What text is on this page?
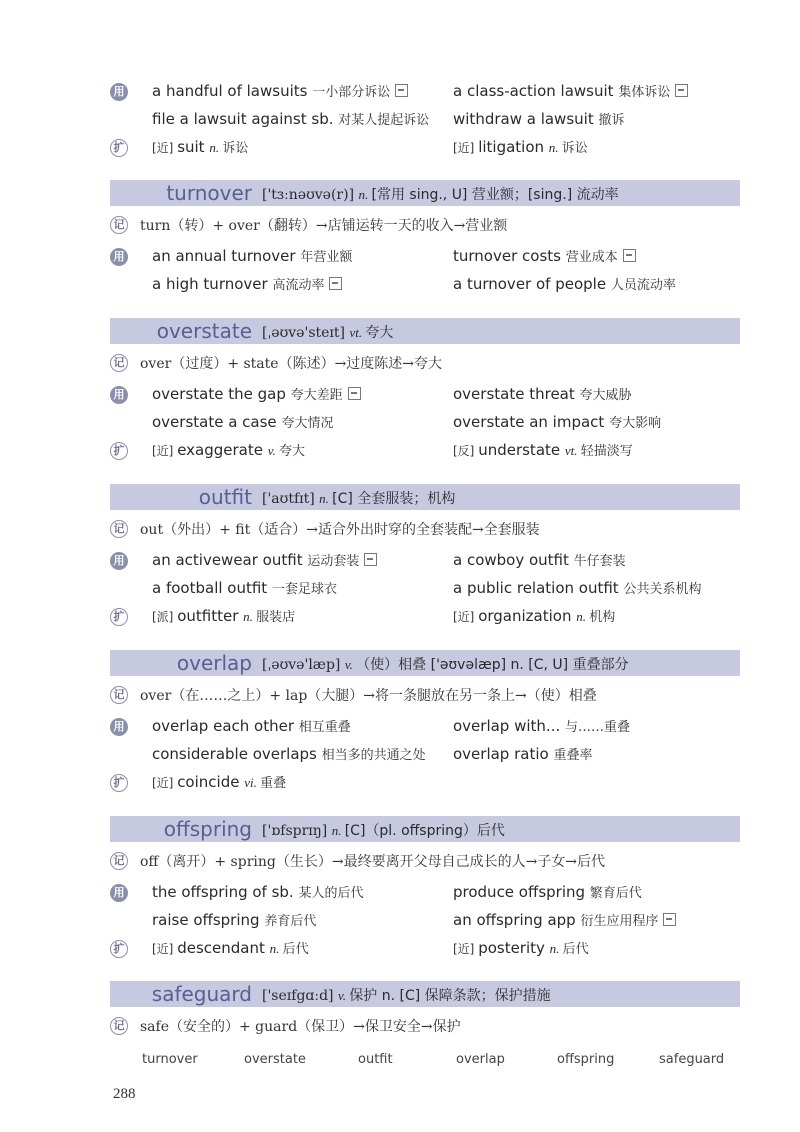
用 a handful of lawsuits 一小部分诉讼	a class-action lawsuit 集体诉讼
file a lawsuit against sb. 对某人提起诉讼 withdraw a lawsuit 撤诉
扩 [近] suit n. 诉讼	[近] litigation n. 诉讼
turnover ['tɜːnəʊvə(r)] n. [常用 sing., U] 营业额；[sing.] 流动率
记 turn（转）+ over（翻转）→店铺运转一天的收入→营业额
用 an annual turnover 年营业额	turnover costs 营业成本
a high turnover 高流动率	a turnover of people 人员流动率
overstate [ˌəʊvə'steɪt] vt. 夸大
记 over（过度）+ state（陈述）→过度陈述→夸大
用 overstate the gap 夸大差距	overstate threat 夸大威胁
overstate a case 夸大情况	overstate an impact 夸大影响
扩 [近] exaggerate v. 夸大	[反] understate vt. 轻描淡写
outfit ['aʊtfɪt] n. [C] 全套服装；机构
记 out（外出）+ fit（适合）→适合外出时穿的全套装配→全套服装
用 an activewear outfit 运动套装	a cowboy outfit 牛仔套装
a football outfit 一套足球衣	a public relation outfit 公共关系机构
扩 [派] outfitter n. 服装店	[近] organization n. 机构
overlap [ˌəʊvə'læp] v. （使）相叠 ['əʊvəlæp] n. [C, U] 重叠部分
记 over（在……之上）+ lap（大腿）→将一条腿放在另一条上→（使）相叠
用 overlap each other 相互重叠	overlap with... 与……重叠
considerable overlaps 相当多的共通之处 overlap ratio 重叠率
扩 [近] coincide vi. 重叠
offspring ['ɒfsprɪŋ] n. [C]（pl. offspring）后代
记 off（离开）+ spring（生长）→最终要离开父母自己成长的人→子女→后代
用 the offspring of sb. 某人的后代	produce offspring 繁育后代
raise offspring 养育后代	an offspring app 衍生应用程序
扩 [近] descendant n. 后代	[近] posterity n. 后代
safeguard ['seɪfgɑːd] v. 保护 n. [C] 保障条款；保护措施
记 safe（安全的）+ guard（保卫）→保卫安全→保护
turnover	overstate	outfit	overlap	offspring	safeguard
288
